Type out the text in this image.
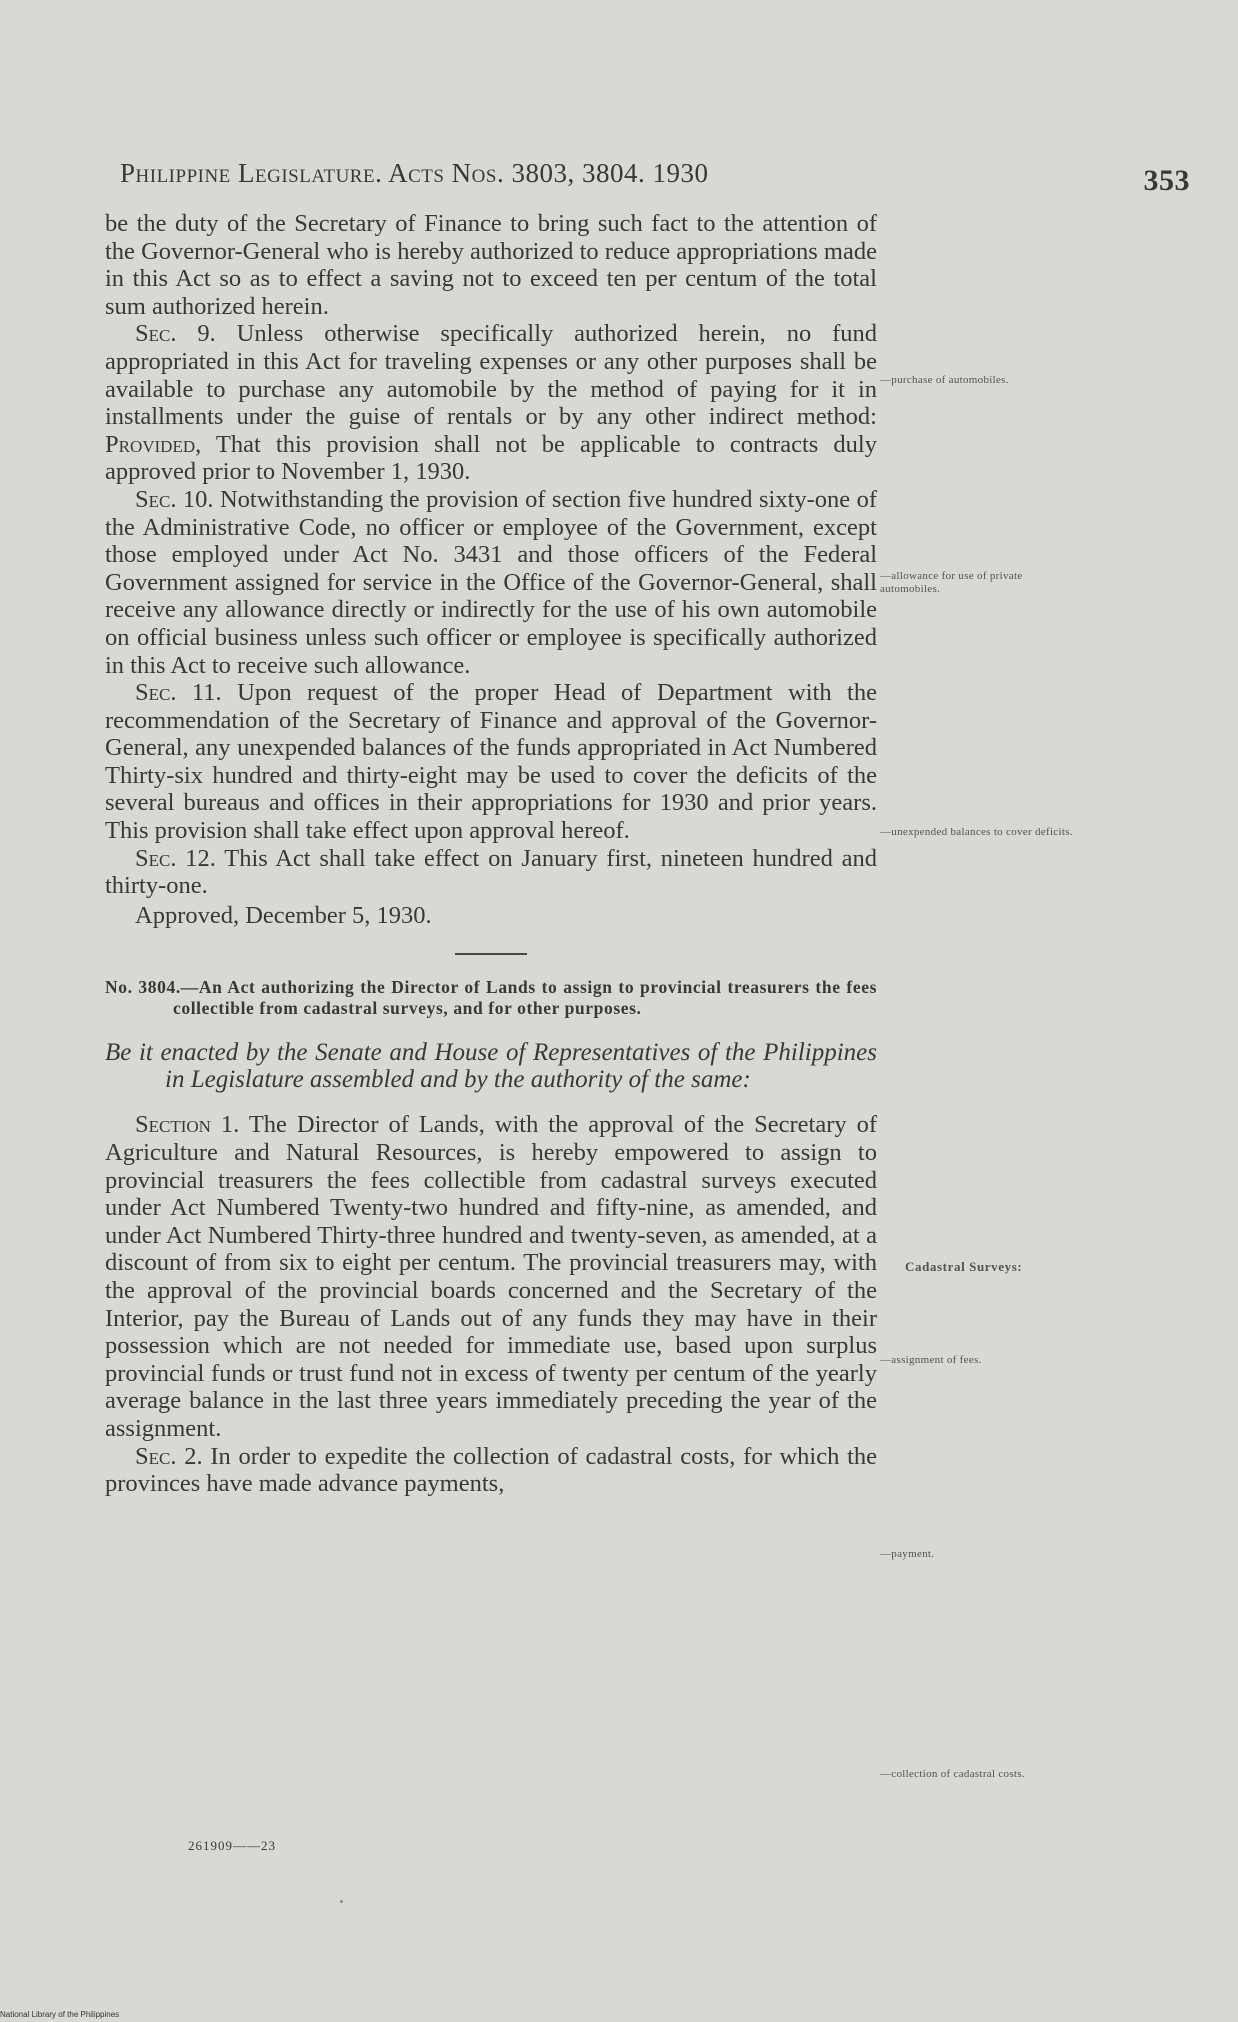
Philippine Legislature. Acts Nos. 3803, 3804. 1930	353

be the duty of the Secretary of Finance to bring such fact to the attention of the Governor-General who is hereby authorized to reduce appropriations made in this Act so as to effect a saving not to exceed ten per centum of the total sum authorized herein.

Sec. 9. Unless otherwise specifically authorized herein, no fund appropriated in this Act for traveling expenses or any other purposes shall be available to purchase any automobile by the method of paying for it in installments under the guise of rentals or by any other indirect method: Provided, That this provision shall not be applicable to contracts duly approved prior to November 1, 1930.

Sec. 10. Notwithstanding the provision of section five hundred sixty-one of the Administrative Code, no officer or employee of the Government, except those employed under Act No. 3431 and those officers of the Federal Government assigned for service in the Office of the Governor-General, shall receive any allowance directly or indirectly for the use of his own automobile on official business unless such officer or employee is specifically authorized in this Act to receive such allowance.

Sec. 11. Upon request of the proper Head of Department with the recommendation of the Secretary of Finance and approval of the Governor-General, any unexpended balances of the funds appropriated in Act Numbered Thirty-six hundred and thirty-eight may be used to cover the deficits of the several bureaus and offices in their appropriations for 1930 and prior years. This provision shall take effect upon approval hereof.

Sec. 12. This Act shall take effect on January first, nineteen hundred and thirty-one.

Approved, December 5, 1930.

No. 3804.—An Act authorizing the Director of Lands to assign to provincial treasurers the fees collectible from cadastral surveys, and for other purposes.

Be it enacted by the Senate and House of Representatives of the Philippines in Legislature assembled and by the authority of the same:

Section 1. The Director of Lands, with the approval of the Secretary of Agriculture and Natural Resources, is hereby empowered to assign to provincial treasurers the fees collectible from cadastral surveys executed under Act Numbered Twenty-two hundred and fifty-nine, as amended, and under Act Numbered Thirty-three hundred and twenty-seven, as amended, at a discount of from six to eight per centum. The provincial treasurers may, with the approval of the provincial boards concerned and the Secretary of the Interior, pay the Bureau of Lands out of any funds they may have in their possession which are not needed for immediate use, based upon surplus provincial funds or trust fund not in excess of twenty per centum of the yearly average balance in the last three years immediately preceding the year of the assignment.

Sec. 2. In order to expedite the collection of cadastral costs, for which the provinces have made advance payments,

—purchase of automobiles.
—allowance for use of private automobiles.
—unexpended balances to cover deficits.
Cadastral Surveys:
—assignment of fees.
—payment.
—collection of cadastral costs.
261909——23
National Library of the Philippines
